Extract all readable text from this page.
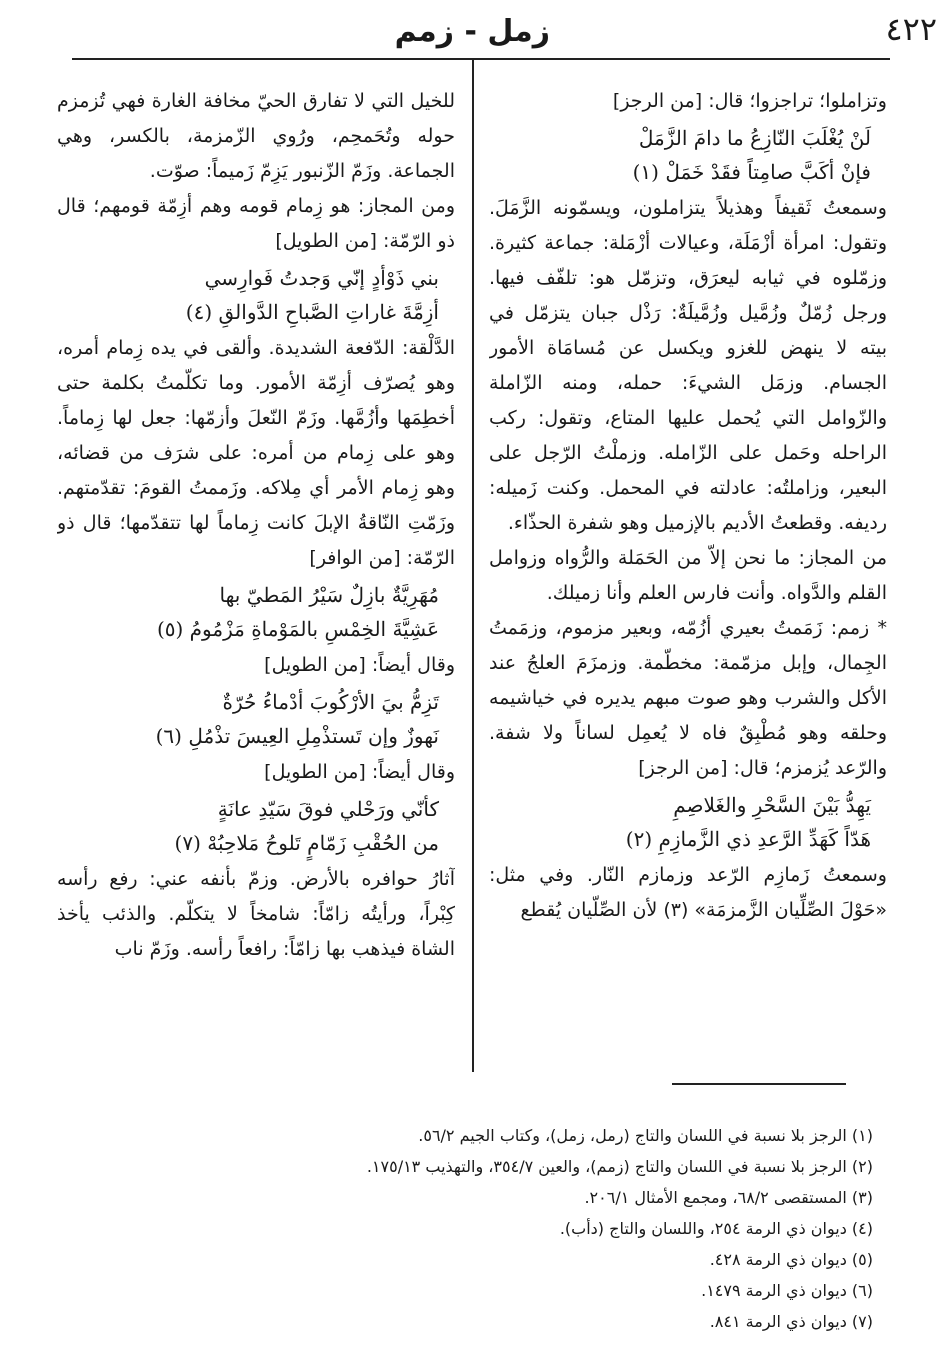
زمل - زمم	٤٢٢

وتزاملوا؛ تراجزوا؛ قال: [من الرجز]

لَنْ يُغْلَبَ النّازِعُ ما دامَ الزَّمَلْ

فإنْ أكَبَّ صامِتاً فقَدْ خَمَلْ (١)

وسمعتُ ثَقيفاً وهذيلاً يتزاملون، ويسمّونه الزَّمَلَ. وتقول: امرأة أزْمَلَة، وعيالات أزْمَلة: جماعة كثيرة. وزمّلوه في ثيابه ليعرَق، وتزمّل هو: تلفّف فيها. ورجل زُمّلٌ وزُمَّيل وزُمَّيلَةٌ: رَذْل جبان يتزمّل في بيته لا ينهض للغزو ويكسل عن مُسامَاة الأمور الجسام. وزمَل الشيءَ: حمله، ومنه الزّاملة والزّوامل التي يُحمل عليها المتاع، وتقول: ركب الراحله وحَمل على الزّامله. وزملْتُ الرّجل على البعير، وزاملتُه: عادلته في المحمل. وكنت زَميله: رديفه. وقطعتُ الأديم بالإزميل وهو شفرة الحذّاء.

من المجاز: ما نحن إلاّ من الحَمَلة والرُّواه وزوامل القلم والدَّواه. وأنت فارس العلم وأنا زميلك.

* زمم: زَمَمتُ بعيري أزُمّه، وبعير مزموم، وزمَمتُ الجِمال، وإبل مزمّمة: مخطّمة. وزمزَمَ العلجُ عند الأكل والشرب وهو صوت مبهم يديره في خياشيمه وحلقه وهو مُطْبِقٌ فاه لا يُعمِل لساناً ولا شفة. والرّعد يُزمزم؛ قال: [من الرجز]

يَهِدُّ بَيْنَ السَّحْرِ والغَلاصِمِ

هَدّاً كَهَدِّ الرَّعدِ ذي الزَّمازِمِ (٢)

وسمعتُ زَمازِم الرّعد وزمازم النّار. وفي مثل: «حَوْلَ الصِّلِّيان الزَّمزمَة» (٣) لأن الصِّلّيان يُقطع

للخيل التي لا تفارق الحيّ مخافة الغارة فهي تُزمزم حوله وتُحَمحِم، ورُوي الزّمزمة، بالكسر، وهي الجماعة. وزَمّ الزّنبور يَزِمّ زَميماً: صوّت.

ومن المجاز: هو زِمام قومه وهم أزِمّة قومهم؛ قال ذو الرّمّة: [من الطويل]

بني ذَوْأدٍ إنّي وَجدتُ فَوارِسي

أزِمَّةَ غاراتِ الصَّباحِ الدَّوالقِ (٤)

الدَّلْقة: الدّفعة الشديدة. وألقى في يده زِمام أمره، وهو يُصرّف أزِمّة الأمور. وما تكلّمتُ بكلمة حتى أخطِمَها وأزُمَّها. وزَمّ النّعلَ وأزمّها: جعل لها زِماماً. وهو على زِمام من أمره: على شرَف من قضائه، وهو زِمام الأمر أي مِلاكه. وزَممتُ القومَ: تقدّمتهم. وزَمّتِ النّاقةُ الإبلَ كانت زِماماً لها تتقدّمها؛ قال ذو الرّمّة: [من الوافر]

مُهَرِيَّةٌ بازِلٌ سَيْرُ المَطيّ بها

عَشِيَّةَ الخِمْسِ بالمَوْماةِ مَزْمُومُ (٥)

وقال أيضاً: [من الطويل]

تَزِمُّ بيَ الأرْكُوبَ أدْماءُ حُرّةٌ

نَهوزٌ وإن تَستذْمِلِ العِيسَ تذْمُلِ (٦)

وقال أيضاً: [من الطويل]

كأنّي ورَحْلي فوقَ سَيّدِ عانَةٍ

من الحُقْبِ زَمّامٍ تَلوحُ مَلاحِبُهْ (٧)

آثارُ حوافره بالأرض. وزمّ بأنفه عني: رفع رأسه كِبْراً، ورأيتُه زامّاً: شامخاً لا يتكلّم. والذئب يأخذ الشاة فيذهب بها زامّاً: رافعاً رأسه. وزَمّ ناب

(١) الرجز بلا نسبة في اللسان والتاج (رمل، زمل)، وكتاب الجيم ٥٦/٢.

(٢) الرجز بلا نسبة في اللسان والتاج (زمم)، والعين ٣٥٤/٧، والتهذيب ١٧٥/١٣.

(٣) المستقصى ٦٨/٢، ومجمع الأمثال ٢٠٦/١.

(٤) ديوان ذي الرمة ٢٥٤، واللسان والتاج (دأب).

(٥) ديوان ذي الرمة ٤٢٨.

(٦) ديوان ذي الرمة ١٤٧٩.

(٧) ديوان ذي الرمة ٨٤١.
